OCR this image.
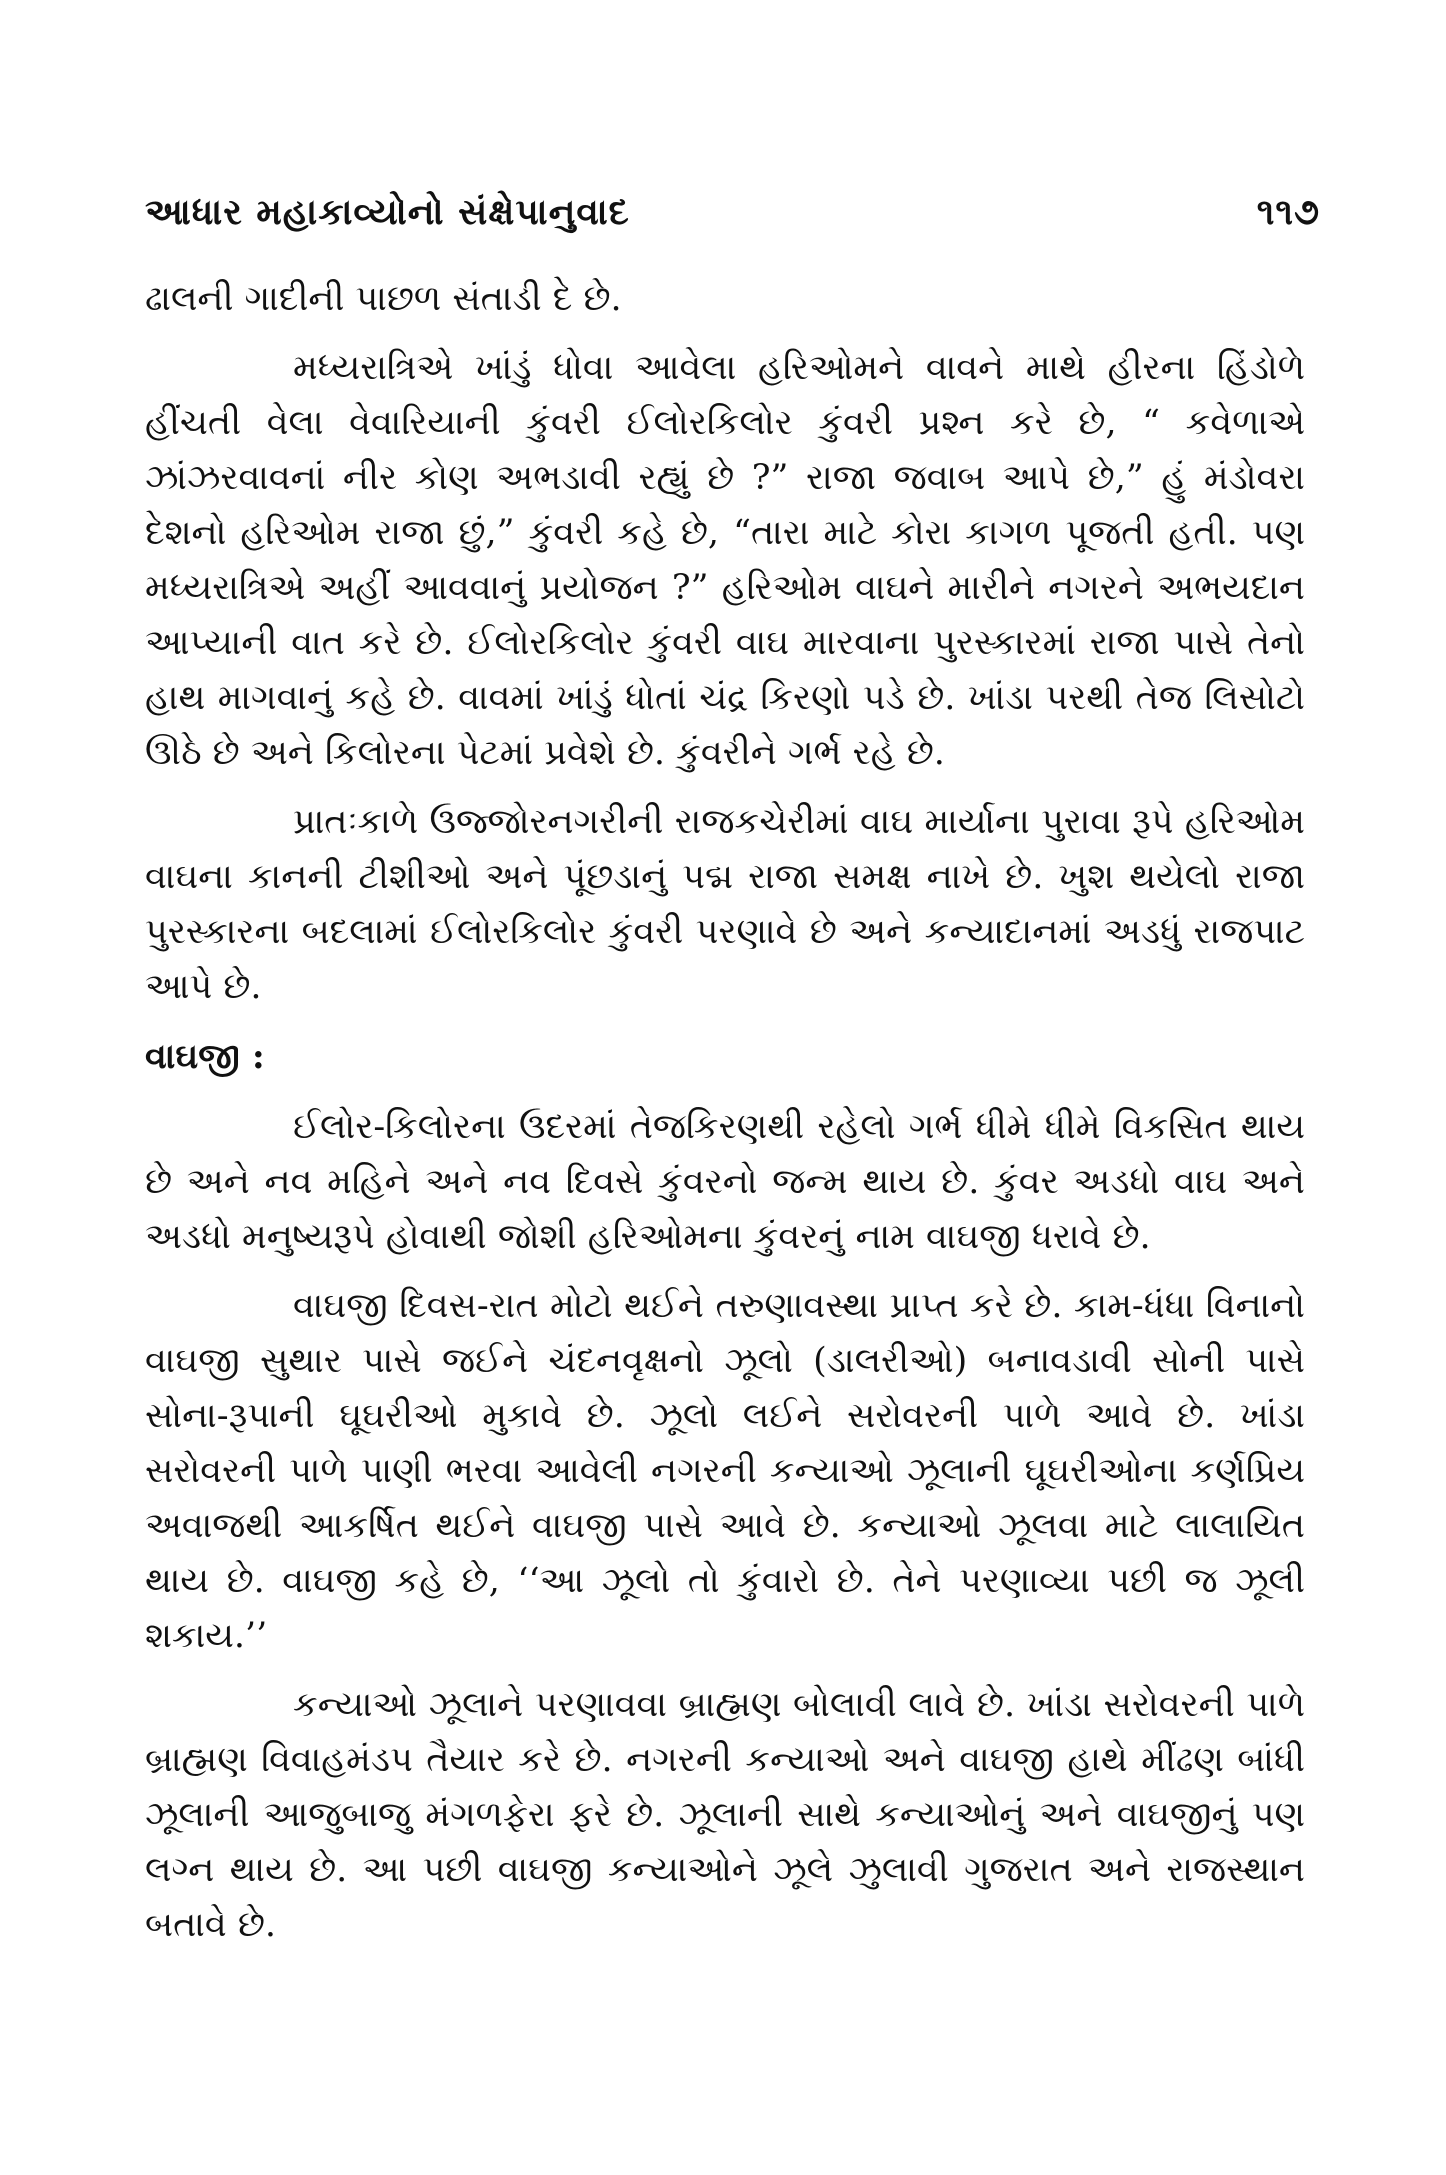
આધાર મહાકાવ્યોનો સંક્ષેપાનુવાદ	૧૧૭

ઢાલની ગાદીની પાછળ સંતાડી દે છે.

મધ્યરાત્રિએ ખાંડું ધોવા આવેલા હરિઓમને વાવને માથે હીરના હિંડોળે હીંચતી વેલા વેવારિયાની કુંવરી ઈલોરકિલોર કુંવરી પ્રશ્ન કરે છે, “ કવેળાએ ઝાંઝરવાવનાં નીર કોણ અભડાવી રહ્યું છે ?” રાજા જવાબ આપે છે,” હું મંડોવરા દેશનો હરિઓમ રાજા છું,” કુંવરી કહે છે, “તારા માટે કોરા કાગળ પૂજતી હતી. પણ મધ્યરાત્રિએ અહીં આવવાનું પ્રયોજન ?” હરિઓમ વાઘને મારીને નગરને અભયદાન આપ્યાની વાત કરે છે. ઈલોરકિલોર કુંવરી વાઘ મારવાના પુરસ્કારમાં રાજા પાસે તેનો હાથ માગવાનું કહે છે. વાવમાં ખાંડું ધોતાં ચંદ્ર કિરણો પડે છે. ખાંડા પરથી તેજ લિસોટો ઊઠે છે અને કિલોરના પેટમાં પ્રવેશે છે. કુંવરીને ગર્ભ રહે છે.

પ્રાતઃકાળે ઉજ્જોરનગરીની રાજકચેરીમાં વાઘ માર્યાના પુરાવા રૂપે હરિઓમ વાઘના કાનની ટીશીઓ અને પૂંછડાનું પદ્મ રાજા સમક્ષ નાખે છે. ખુશ થયેલો રાજા પુરસ્કારના બદલામાં ઈલોરકિલોર કુંવરી પરણાવે છે અને કન્યાદાનમાં અડધું રાજપાટ આપે છે.

વાઘજી :

ઈલોર-કિલોરના ઉદરમાં તેજકિરણથી રહેલો ગર્ભ ધીમે ધીમે વિકસિત થાય છે અને નવ મહિને અને નવ દિવસે કુંવરનો જન્મ થાય છે. કુંવર અડધો વાઘ અને અડધો મનુષ્યરૂપે હોવાથી જોશી હરિઓમના કુંવરનું નામ વાઘજી ધરાવે છે.

વાઘજી દિવસ-રાત મોટો થઈને તરુણાવસ્થા પ્રાપ્ત કરે છે. કામ-ધંધા વિનાનો વાઘજી સુથાર પાસે જઈને ચંદનવૃક્ષનો ઝૂલો (ડાલરીઓ) બનાવડાવી સોની પાસે સોના-રૂપાની ઘૂઘરીઓ મુકાવે છે. ઝૂલો લઈને સરોવરની પાળે આવે છે. ખાંડા સરોવરની પાળે પાણી ભરવા આવેલી નગરની કન્યાઓ ઝૂલાની ઘૂઘરીઓના કર્ણપ્રિય અવાજથી આકર્ષિત થઈને વાઘજી પાસે આવે છે. કન્યાઓ ઝૂલવા માટે લાલાયિત થાય છે. વાઘજી કહે છે, ‘‘આ ઝૂલો તો કુંવારો છે. તેને પરણાવ્યા પછી જ ઝૂલી શકાય.’’

કન્યાઓ ઝૂલાને પરણાવવા બ્રાહ્મણ બોલાવી લાવે છે. ખાંડા સરોવરની પાળે બ્રાહ્મણ વિવાહમંડપ તૈયાર કરે છે. નગરની કન્યાઓ અને વાઘજી હાથે મીંઢણ બાંધી ઝૂલાની આજુબાજુ મંગળફેરા ફરે છે. ઝૂલાની સાથે કન્યાઓનું અને વાઘજીનું પણ લગ્ન થાય છે. આ પછી વાઘજી કન્યાઓને ઝૂલે ઝુલાવી ગુજરાત અને રાજસ્થાન બતાવે છે.
